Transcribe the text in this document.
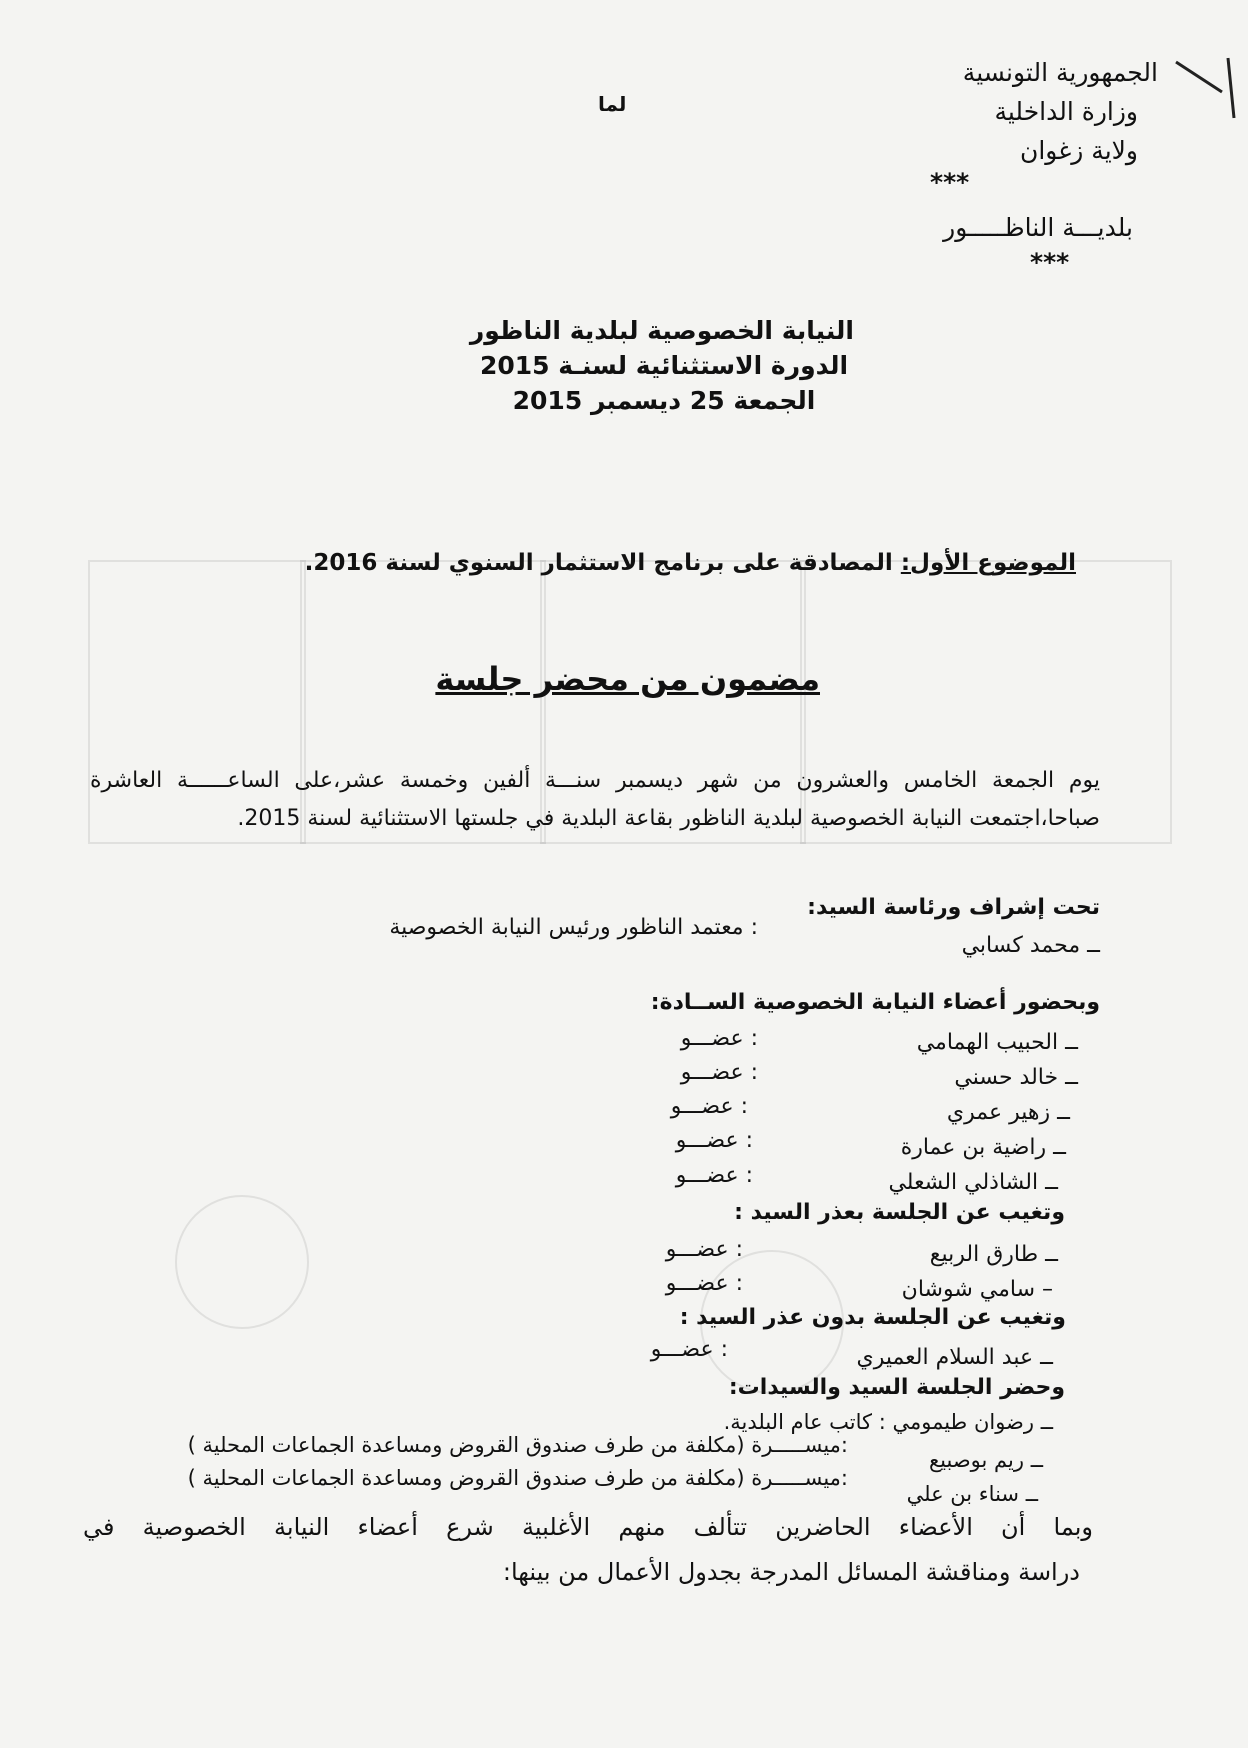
لما
الجمهورية التونسية
وزارة الداخلية
ولاية زغوان
***
بلديـــة الناظـــــور
***
النيابة الخصوصية لبلدية الناظور
الدورة الاستثنائية لسنـة 2015
الجمعة 25 ديسمبر 2015
الموضوع الأول: المصادقة على برنامج الاستثمار السنوي لسنة 2016.
مضمون من محضر جلسة
يوم الجمعة الخامس والعشرون من شهر ديسمبر سنـــة ألفين وخمسة عشر،على الساعــــــة العاشرة
صباحا،اجتمعت النيابة الخصوصية لبلدية الناظور بقاعة البلدية في جلستها الاستثنائية لسنة 2015.
تحت إشراف ورئاسة السيد:
ــ محمد كسابي
: معتمد الناظور ورئيس النيابة الخصوصية
وبحضور أعضاء النيابة الخصوصية الســادة:
ــ الحبيب الهمامي
: عضـــو
ــ خالد حسني
: عضـــو
ــ زهير عمري
: عضـــو
ــ راضية بن عمارة
: عضـــو
ــ الشاذلي الشعلي
: عضـــو
وتغيب عن الجلسة بعذر السيد :
ــ طارق الربيع
: عضـــو
– سامي شوشان
: عضـــو
وتغيب عن الجلسة بدون عذر السيد :
ــ عبد السلام العميري
: عضـــو
وحضر الجلسة السيد والسيدات:
ــ رضوان طيمومي : كاتب عام البلدية.
ــ ريم بوصبيع
:ميســـــرة (مكلفة من طرف صندوق القروض ومساعدة الجماعات المحلية )
ــ سناء بن علي
:ميســـــرة (مكلفة من طرف صندوق القروض ومساعدة الجماعات المحلية )
وبما أن الأعضاء الحاضرين تتألف منهم الأغلبية شرع أعضاء النيابة الخصوصية في
دراسة ومناقشة المسائل المدرجة بجدول الأعمال من بينها:
